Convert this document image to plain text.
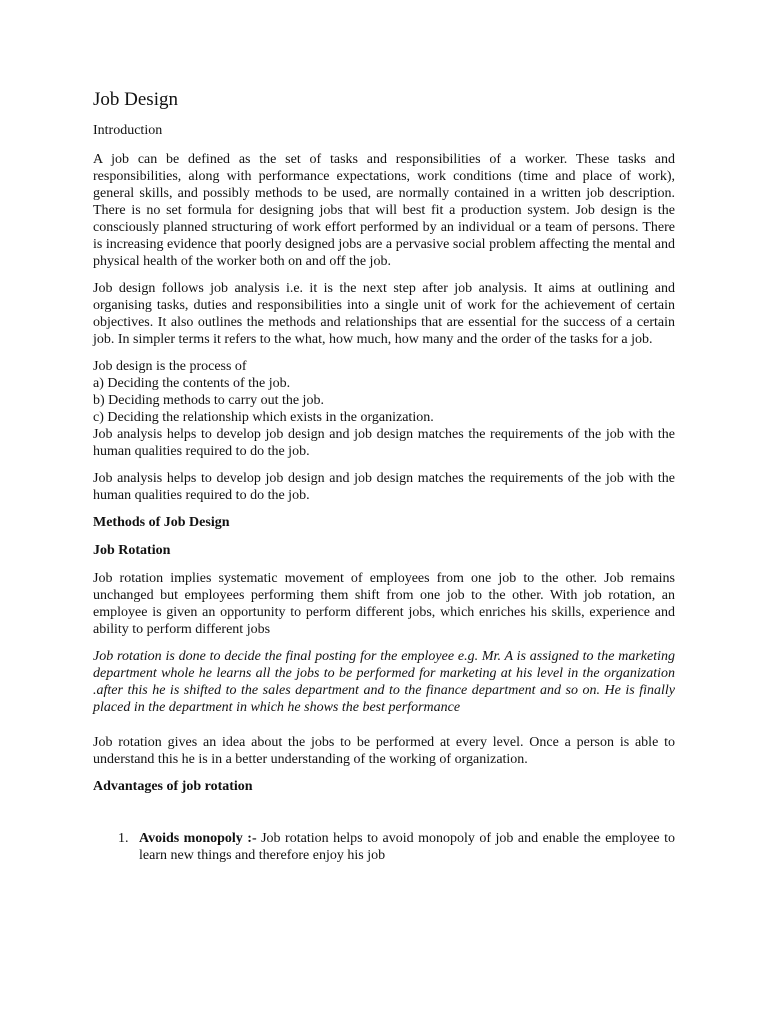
Job Design

Introduction

A job can be defined as the set of tasks and responsibilities of a worker. These tasks and responsibilities, along with performance expectations, work conditions (time and place of work), general skills, and possibly methods to be used, are normally contained in a written job description. There is no set formula for designing jobs that will best fit a production system. Job design is the consciously planned structuring of work effort performed by an individual or a team of persons. There is increasing evidence that poorly designed jobs are a pervasive social problem affecting the mental and physical health of the worker both on and off the job.

Job design follows job analysis i.e. it is the next step after job analysis. It aims at outlining and organising tasks, duties and responsibilities into a single unit of work for the achievement of certain objectives. It also outlines the methods and relationships that are essential for the success of a certain job. In simpler terms it refers to the what, how much, how many and the order of the tasks for a job.

Job design is the process of
a) Deciding the contents of the job.
b) Deciding methods to carry out the job.
c) Deciding the relationship which exists in the organization.
Job analysis helps to develop job design and job design matches the requirements of the job with the human qualities required to do the job.

Job analysis helps to develop job design and job design matches the requirements of the job with the human qualities required to do the job.

Methods of Job Design

Job Rotation

Job rotation implies systematic movement of employees from one job to the other. Job remains unchanged but employees performing them shift from one job to the other. With job rotation, an employee is given an opportunity to perform different jobs, which enriches his skills, experience and ability to perform different jobs

Job rotation is done to decide the final posting for the employee e.g. Mr. A is assigned to the marketing department whole he learns all the jobs to be performed for marketing at his level in the organization .after this he is shifted to the sales department and to the finance department and so on. He is finally placed in the department in which he shows the best performance

Job rotation gives an idea about the jobs to be performed at every level. Once a person is able to understand this he is in a better understanding of the working of organization.

Advantages of job rotation

1. Avoids monopoly :- Job rotation helps to avoid monopoly of job and enable the employee to learn new things and therefore enjoy his job
